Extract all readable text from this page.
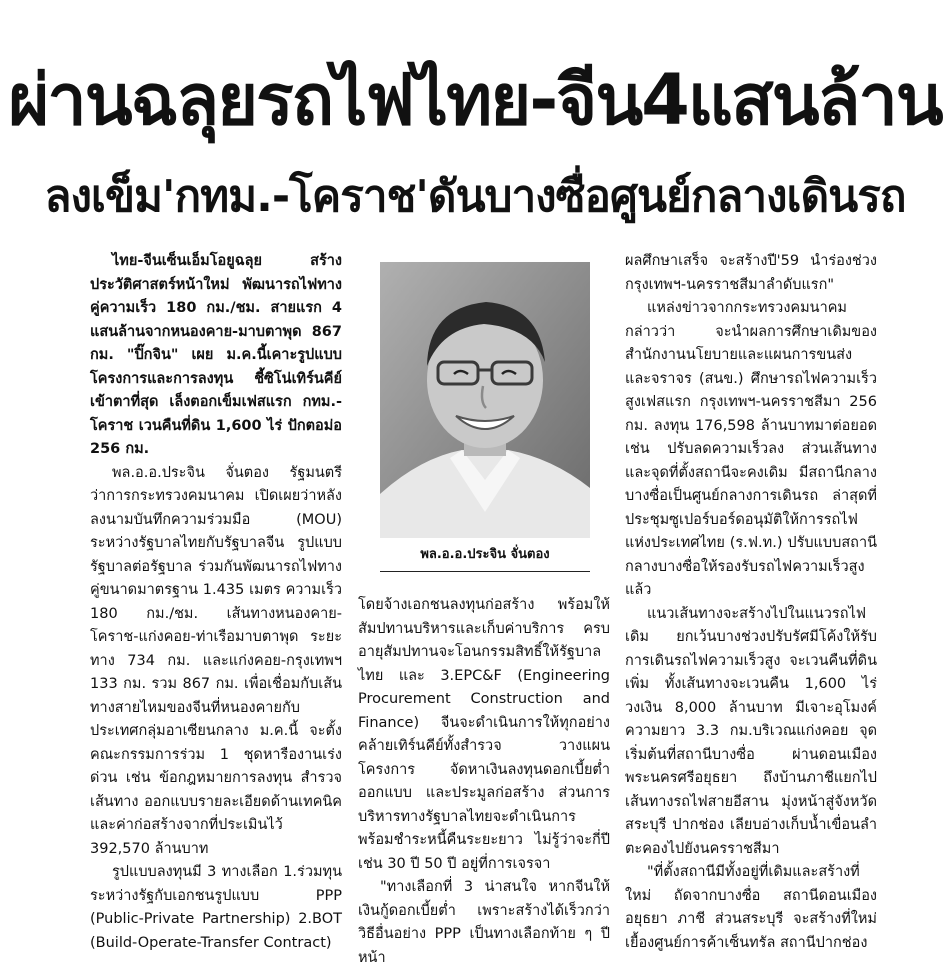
ผ่านฉลุยรถไฟไทย-จีน4แสนล้าน
ลงเข็ม'กทม.-โคราช'ดันบางซื่อศูนย์กลางเดินรถ

ไทย-จีนเซ็นเอ็มโอยูฉลุย สร้างประวัติศาสตร์หน้าใหม่ พัฒนารถไฟทางคู่ความเร็ว 180 กม./ชม. สายแรก 4 แสนล้านจากหนองคาย-มาบตาพุด 867 กม. "ปิ๊กจิน" เผย ม.ค.นี้เคาะรูปแบบโครงการและการลงทุน ชี้ซิโน่เทิร์นคีย์เข้าตาที่สุด เล็งตอกเข็มเฟสแรก กทม.-โคราช เวนคืนที่ดิน 1,600 ไร่ ปักตอม่อ 256 กม.

พล.อ.อ.ประจิน จั่นตอง รัฐมนตรีว่าการกระทรวงคมนาคม เปิดเผยว่าหลังลงนามบันทึกความร่วมมือ (MOU) ระหว่างรัฐบาลไทยกับรัฐบาลจีน รูปแบบรัฐบาลต่อรัฐบาล ร่วมกันพัฒนารถไฟทางคู่ขนาดมาตรฐาน 1.435 เมตร ความเร็ว 180 กม./ชม. เส้นทางหนองคาย-โคราช-แก่งคอย-ท่าเรือมาบตาพุด ระยะทาง 734 กม. และแก่งคอย-กรุงเทพฯ 133 กม. รวม 867 กม. เพื่อเชื่อมกับเส้นทางสายไหมของจีนที่หนองคายกับประเทศกลุ่มอาเซียนกลาง ม.ค.นี้ จะตั้งคณะกรรมการร่วม 1 ชุดหารืองานเร่งด่วน เช่น ข้อกฎหมายการลงทุน สำรวจเส้นทาง ออกแบบรายละเอียดด้านเทคนิคและค่าก่อสร้างจากที่ประเมินไว้ 392,570 ล้านบาท

รูปแบบลงทุนมี 3 ทางเลือก 1.ร่วมทุนระหว่างรัฐกับเอกชนรูปแบบ PPP (Public-Private Partnership) 2.BOT (Build-Operate-Transfer Contract)

พล.อ.อ.ประจิน จั่นตอง

โดยจ้างเอกชนลงทุนก่อสร้าง พร้อมให้สัมปทานบริหารและเก็บค่าบริการ ครบอายุสัมปทานจะโอนกรรมสิทธิ์ให้รัฐบาลไทย และ 3.EPC&F (Engineering Procurement Construction and Finance) จีนจะดำเนินการให้ทุกอย่างคล้ายเทิร์นคีย์ทั้งสำรวจ วางแผนโครงการ จัดหาเงินลงทุนดอกเบี้ยต่ำ ออกแบบ และประมูลก่อสร้าง ส่วนการบริหารทางรัฐบาลไทยจะดำเนินการพร้อมชำระหนี้คืนระยะยาว ไม่รู้ว่าจะกี่ปี เช่น 30 ปี 50 ปี อยู่ที่การเจรจา

"ทางเลือกที่ 3 น่าสนใจ หากจีนให้เงินกู้ดอกเบี้ยต่ำ เพราะสร้างได้เร็วกว่าวิธีอื่นอย่าง PPP เป็นทางเลือกท้าย ๆ ปีหน้า

ผลศึกษาเสร็จ จะสร้างปี'59 นำร่องช่วงกรุงเทพฯ-นครราชสีมาลำดับแรก"

แหล่งข่าวจากกระทรวงคมนาคมกล่าวว่า จะนำผลการศึกษาเดิมของสำนักงานนโยบายและแผนการขนส่งและจราจร (สนข.) ศึกษารถไฟความเร็วสูงเฟสแรก กรุงเทพฯ-นครราชสีมา 256 กม. ลงทุน 176,598 ล้านบาทมาต่อยอด เช่น ปรับลดความเร็วลง ส่วนเส้นทางและจุดที่ตั้งสถานีจะคงเดิม มีสถานีกลางบางซื่อเป็นศูนย์กลางการเดินรถ ล่าสุดที่ประชุมซูเปอร์บอร์ดอนุมัติให้การรถไฟแห่งประเทศไทย (ร.ฟ.ท.) ปรับแบบสถานีกลางบางซื่อให้รองรับรถไฟความเร็วสูงแล้ว

แนวเส้นทางจะสร้างไปในแนวรถไฟเดิม ยกเว้นบางช่วงปรับรัศมีโค้งให้รับการเดินรถไฟความเร็วสูง จะเวนคืนที่ดินเพิ่ม ทั้งเส้นทางจะเวนคืน 1,600 ไร่ วงเงิน 8,000 ล้านบาท มีเจาะอุโมงค์ความยาว 3.3 กม.บริเวณแก่งคอย จุดเริ่มต้นที่สถานีบางซื่อ ผ่านดอนเมือง พระนครศรีอยุธยา ถึงบ้านภาชีแยกไปเส้นทางรถไฟสายอีสาน มุ่งหน้าสู่จังหวัดสระบุรี ปากช่อง เลียบอ่างเก็บน้ำเขื่อนลำตะคองไปยังนครราชสีมา

"ที่ตั้งสถานีมีทั้งอยู่ที่เดิมและสร้างที่ใหม่ ถัดจากบางซื่อ สถานีดอนเมือง อยุธยา ภาชี ส่วนสระบุรี จะสร้างที่ใหม่เยื้องศูนย์การค้าเซ็นทรัล สถานีปากช่อง
